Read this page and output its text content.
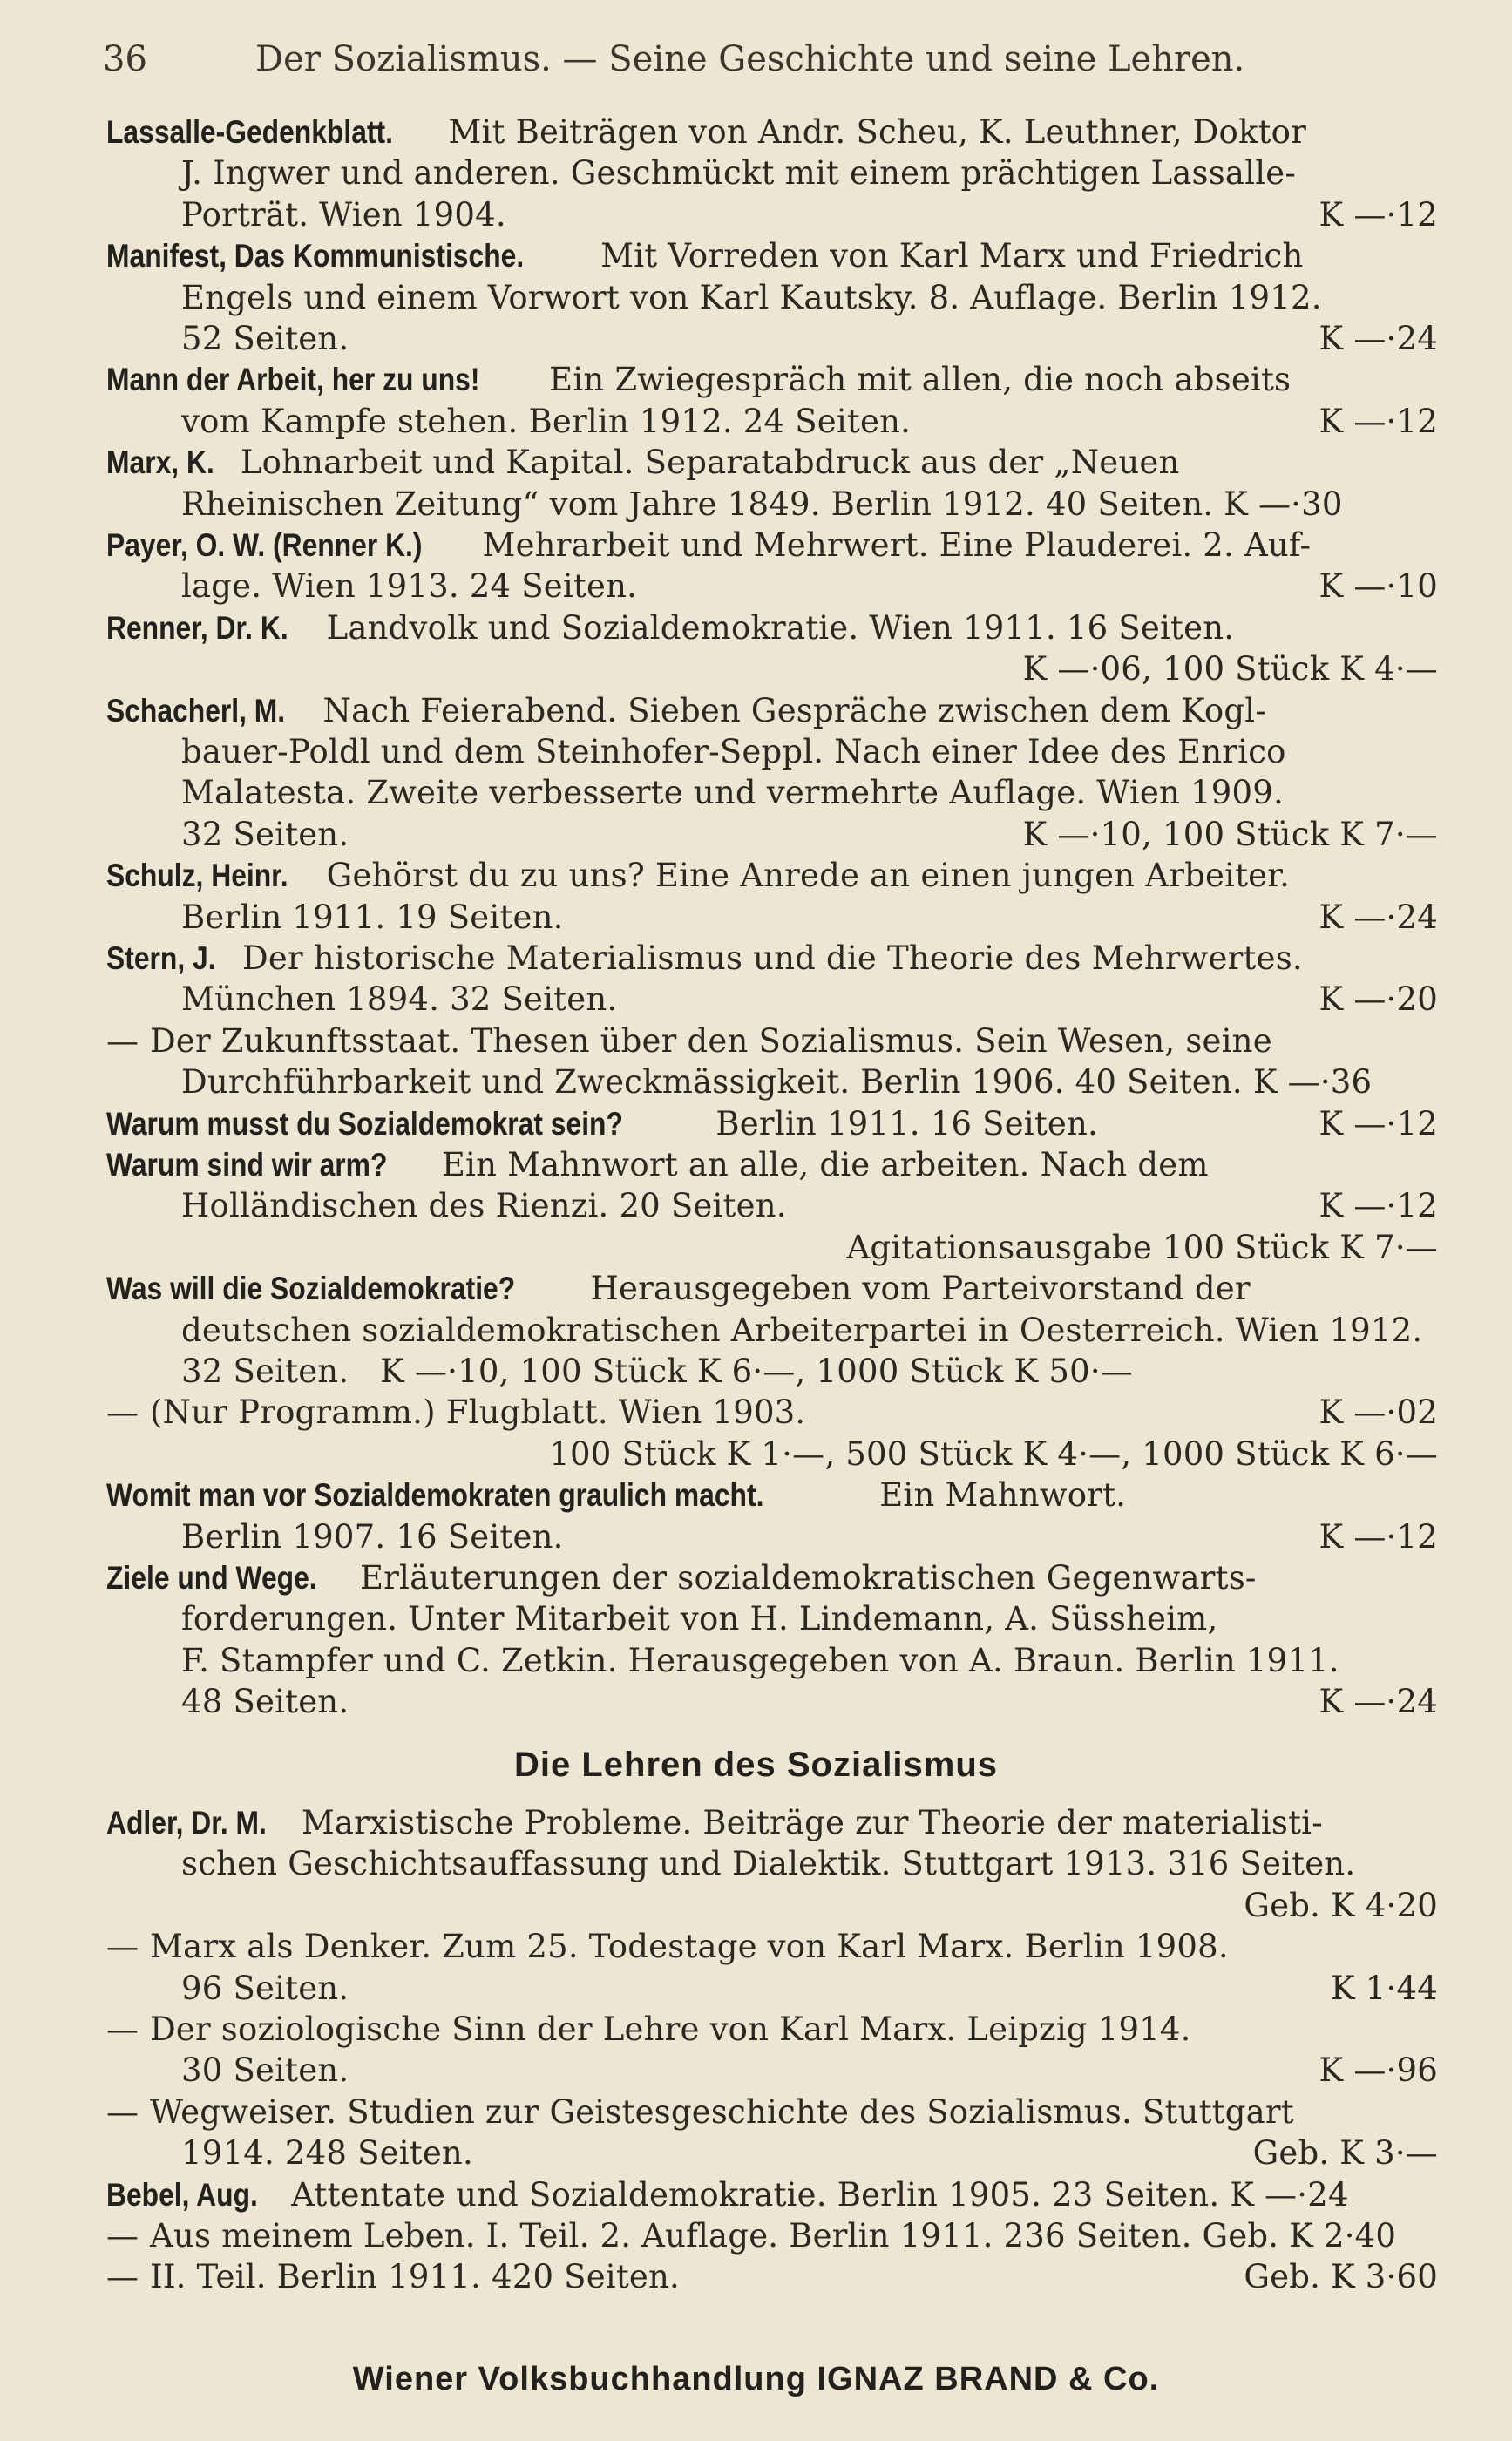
36	Der Sozialismus. — Seine Geschichte und seine Lehren.
Lassalle-Gedenkblatt. Mit Beiträgen von Andr. Scheu, K. Leuthner, Doktor
J. Ingwer und anderen. Geschmückt mit einem prächtigen Lassalle-
Porträt. Wien 1904.	K —·12
Manifest, Das Kommunistische. Mit Vorreden von Karl Marx und Friedrich
Engels und einem Vorwort von Karl Kautsky. 8. Auflage. Berlin 1912.
52 Seiten.	K —·24
Mann der Arbeit, her zu uns! Ein Zwiegespräch mit allen, die noch abseits
vom Kampfe stehen. Berlin 1912. 24 Seiten.	K —·12
Marx, K. Lohnarbeit und Kapital. Separatabdruck aus der „Neuen
Rheinischen Zeitung“ vom Jahre 1849. Berlin 1912. 40 Seiten. K —·30
Payer, O. W. (Renner K.) Mehrarbeit und Mehrwert. Eine Plauderei. 2. Auf-
lage. Wien 1913. 24 Seiten.	K —·10
Renner, Dr. K. Landvolk und Sozialdemokratie. Wien 1911. 16 Seiten.
K —·06, 100 Stück K 4·—
Schacherl, M. Nach Feierabend. Sieben Gespräche zwischen dem Kogl-
bauer-Poldl und dem Steinhofer-Seppl. Nach einer Idee des Enrico
Malatesta. Zweite verbesserte und vermehrte Auflage. Wien 1909.
32 Seiten.	K —·10, 100 Stück K 7·—
Schulz, Heinr. Gehörst du zu uns? Eine Anrede an einen jungen Arbeiter.
Berlin 1911. 19 Seiten.	K —·24
Stern, J. Der historische Materialismus und die Theorie des Mehrwertes.
München 1894. 32 Seiten.	K —·20
— Der Zukunftsstaat. Thesen über den Sozialismus. Sein Wesen, seine
Durchführbarkeit und Zweckmässigkeit. Berlin 1906. 40 Seiten. K —·36
Warum musst du Sozialdemokrat sein?	Berlin 1911. 16 Seiten.	K —·12
Warum sind wir arm? Ein Mahnwort an alle, die arbeiten. Nach dem
Holländischen des Rienzi. 20 Seiten.	K —·12
Agitationsausgabe 100 Stück K 7·—
Was will die Sozialdemokratie? Herausgegeben vom Parteivorstand der
deutschen sozialdemokratischen Arbeiterpartei in Oesterreich. Wien 1912.
32 Seiten.   K —·10, 100 Stück K 6·—, 1000 Stück K 50·—
— (Nur Programm.) Flugblatt. Wien 1903.	K —·02
100 Stück K 1·—, 500 Stück K 4·—, 1000 Stück K 6·—
Womit man vor Sozialdemokraten graulich macht.	Ein Mahnwort.
Berlin 1907. 16 Seiten.	K —·12
Ziele und Wege. Erläuterungen der sozialdemokratischen Gegenwarts-
forderungen. Unter Mitarbeit von H. Lindemann, A. Süssheim,
F. Stampfer und C. Zetkin. Herausgegeben von A. Braun. Berlin 1911.
48 Seiten.	K —·24
Die Lehren des Sozialismus
Adler, Dr. M. Marxistische Probleme. Beiträge zur Theorie der materialisti-
schen Geschichtsauffassung und Dialektik. Stuttgart 1913. 316 Seiten.
Geb. K 4·20
— Marx als Denker. Zum 25. Todestage von Karl Marx. Berlin 1908.
96 Seiten.	K 1·44
— Der soziologische Sinn der Lehre von Karl Marx. Leipzig 1914.
30 Seiten.	K —·96
— Wegweiser. Studien zur Geistesgeschichte des Sozialismus. Stuttgart
1914. 248 Seiten.	Geb. K 3·—
Bebel, Aug. Attentate und Sozialdemokratie. Berlin 1905. 23 Seiten. K —·24
— Aus meinem Leben. I. Teil. 2. Auflage. Berlin 1911. 236 Seiten. Geb. K 2·40
— II. Teil. Berlin 1911. 420 Seiten.	Geb. K 3·60
Wiener Volksbuchhandlung IGNAZ BRAND & Co.
